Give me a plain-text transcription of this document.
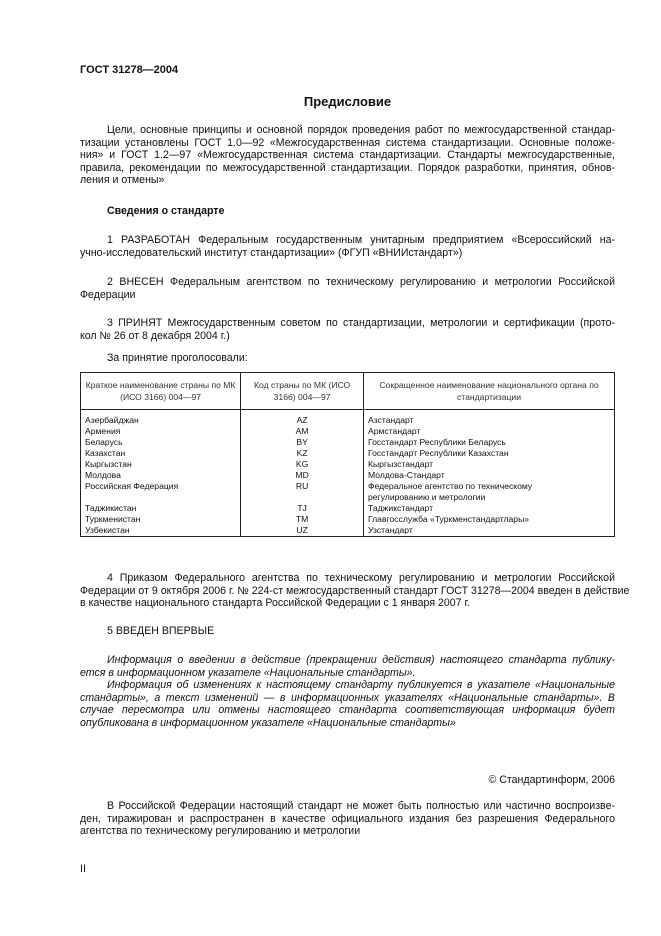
ГОСТ 31278—2004
Предисловие
Цели, основные принципы и основной порядок проведения работ по межгосударственной стандар-
тизации установлены ГОСТ 1.0—92 «Межгосударственная система стандартизации. Основные положе-
ния» и ГОСТ 1.2—97 «Межгосударственная система стандартизации. Стандарты межгосударственные,
правила, рекомендации по межгосударственной стандартизации. Порядок разработки, принятия, обнов-
ления и отмены»
Сведения о стандарте
1 РАЗРАБОТАН Федеральным государственным унитарным предприятием «Всероссийский на-
учно-исследовательский институт стандартизации» (ФГУП «ВНИИстандарт»)
2 ВНЕСЕН Федеральным агентством по техническому регулированию и метрологии Российской
Федерации
3 ПРИНЯТ Межгосударственным советом по стандартизации, метрологии и сертификации (прото-
кол № 26 от 8 декабря 2004 г.)
За принятие проголосовали:
Краткое наименование страны по МК (ИСО 3166) 004—97	Код страны по МК (ИСО 3166) 004—97	Сокращенное наименование национального органа по стандартизации
Азербайджан	AZ	Азстандарт
Армения	AM	Армстандарт
Беларусь	BY	Госстандарт Республики Беларусь
Казахстан	KZ	Госстандарт Республики Казахстан
Кыргызстан	KG	Кыргызстандарт
Молдова	MD	Молдова-Стандарт
Российская Федерация	RU	Федеральное агентство по техническому
		регулированию и метрологии
Таджикистан	TJ	Таджикстандарт
Туркменистан	TM	Главгосслужба «Туркменстандартлары»
Узбекистан	UZ	Узстандарт
4 Приказом Федерального агентства по техническому регулированию и метрологии Российской
Федерации от 9 октября 2006 г. № 224-ст межгосударственный стандарт ГОСТ 31278—2004 введен в действие
в качестве национального стандарта Российской Федерации с 1 января 2007 г.
5 ВВЕДЕН ВПЕРВЫЕ
Информация о введении в действие (прекращении действия) настоящего стандарта публику-
ется в информационном указателе «Национальные стандарты».
Информация об изменениях к настоящему стандарту публикуется в указателе «Национальные
стандарты», а текст изменений — в информационных указателях «Национальные стандарты». В
случае пересмотра или отмены настоящего стандарта соответствующая информация будет
опубликована в информационном указателе «Национальные стандарты»
© Стандартинформ, 2006
В Российской Федерации настоящий стандарт не может быть полностью или частично воспроизве-
ден, тиражирован и распространен в качестве официального издания без разрешения Федерального
агентства по техническому регулированию и метрологии
II
